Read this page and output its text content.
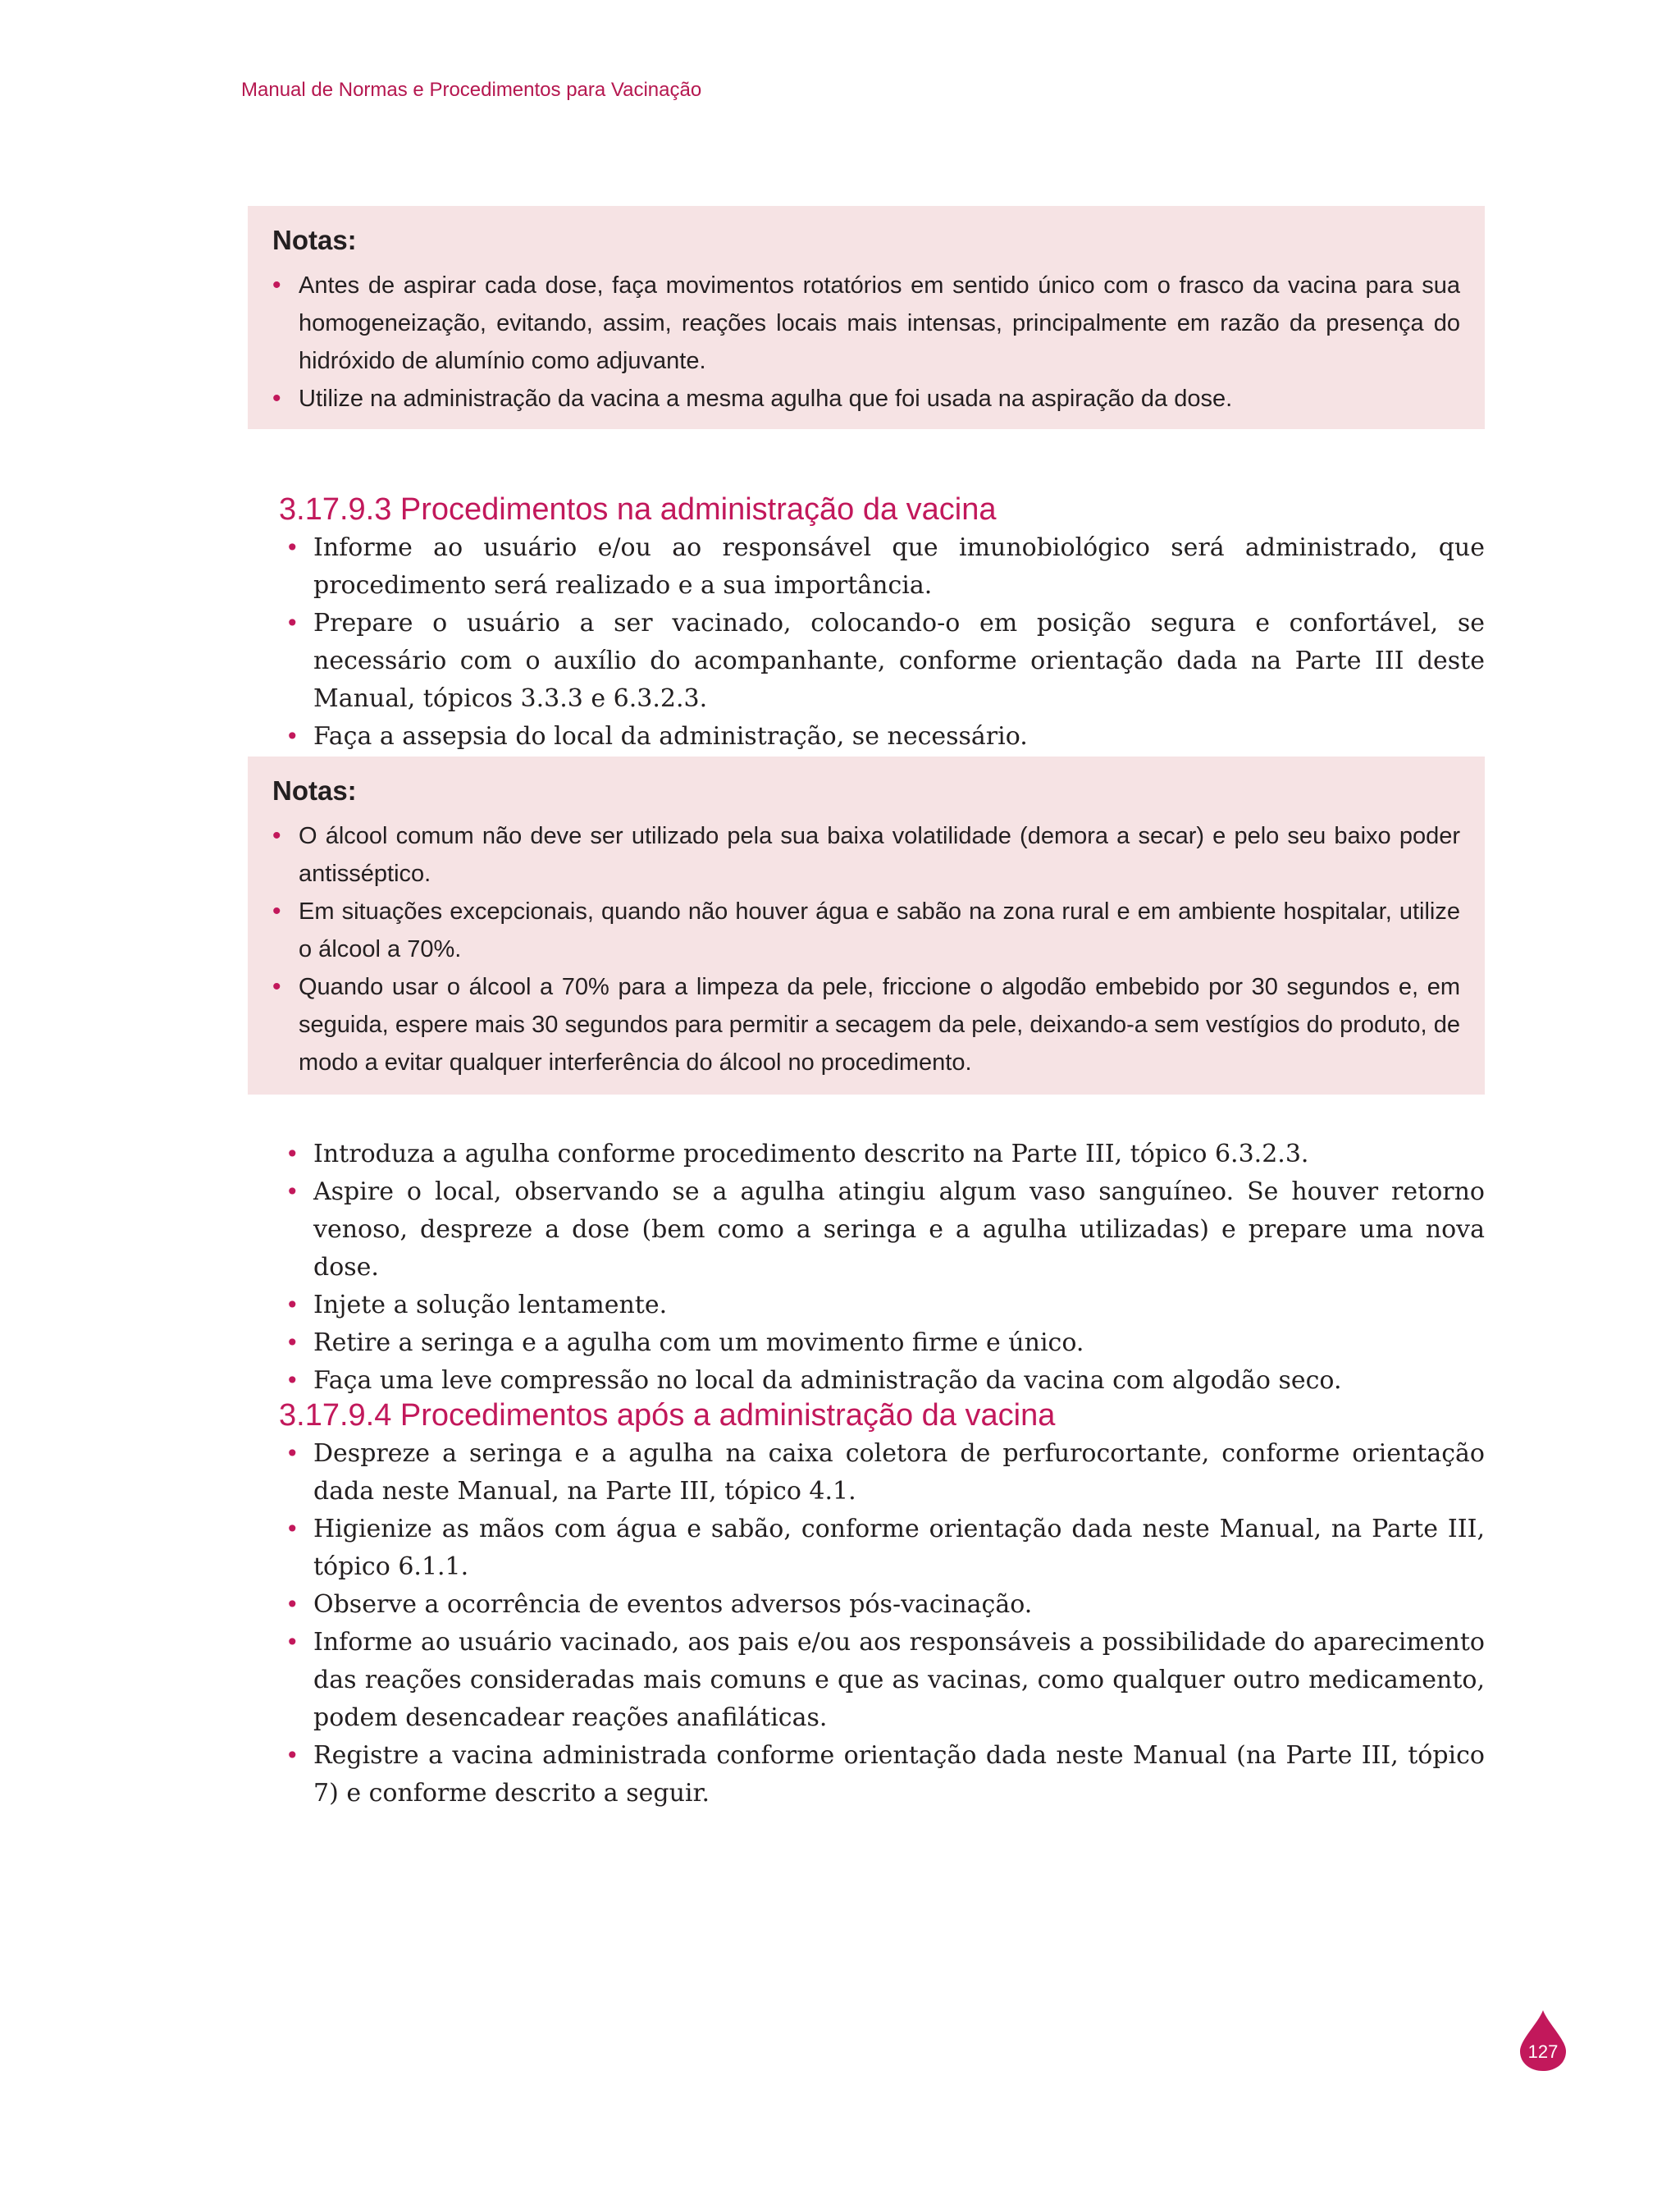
Manual de Normas e Procedimentos para Vacinação
Notas:
• Antes de aspirar cada dose, faça movimentos rotatórios em sentido único com o frasco da vacina para sua homogeneização, evitando, assim, reações locais mais intensas, principalmente em razão da presença do hidróxido de alumínio como adjuvante.
• Utilize na administração da vacina a mesma agulha que foi usada na aspiração da dose.
3.17.9.3 Procedimentos na administração da vacina
• Informe ao usuário e/ou ao responsável que imunobiológico será administrado, que procedimento será realizado e a sua importância.
• Prepare o usuário a ser vacinado, colocando-o em posição segura e confortável, se necessário com o auxílio do acompanhante, conforme orientação dada na Parte III deste Manual, tópicos 3.3.3 e 6.3.2.3.
• Faça a assepsia do local da administração, se necessário.
Notas:
• O álcool comum não deve ser utilizado pela sua baixa volatilidade (demora a secar) e pelo seu baixo poder antisséptico.
• Em situações excepcionais, quando não houver água e sabão na zona rural e em ambiente hospitalar, utilize o álcool a 70%.
• Quando usar o álcool a 70% para a limpeza da pele, friccione o algodão embebido por 30 segundos e, em seguida, espere mais 30 segundos para permitir a secagem da pele, deixando-a sem vestígios do produto, de modo a evitar qualquer interferência do álcool no procedimento.
• Introduza a agulha conforme procedimento descrito na Parte III, tópico 6.3.2.3.
• Aspire o local, observando se a agulha atingiu algum vaso sanguíneo. Se houver retorno venoso, despreze a dose (bem como a seringa e a agulha utilizadas) e prepare uma nova dose.
• Injete a solução lentamente.
• Retire a seringa e a agulha com um movimento firme e único.
• Faça uma leve compressão no local da administração da vacina com algodão seco.
3.17.9.4 Procedimentos após a administração da vacina
• Despreze a seringa e a agulha na caixa coletora de perfurocortante, conforme orientação dada neste Manual, na Parte III, tópico 4.1.
• Higienize as mãos com água e sabão, conforme orientação dada neste Manual, na Parte III, tópico 6.1.1.
• Observe a ocorrência de eventos adversos pós-vacinação.
• Informe ao usuário vacinado, aos pais e/ou aos responsáveis a possibilidade do aparecimento das reações consideradas mais comuns e que as vacinas, como qualquer outro medicamento, podem desencadear reações anafiláticas.
• Registre a vacina administrada conforme orientação dada neste Manual (na Parte III, tópico 7) e conforme descrito a seguir.
127
